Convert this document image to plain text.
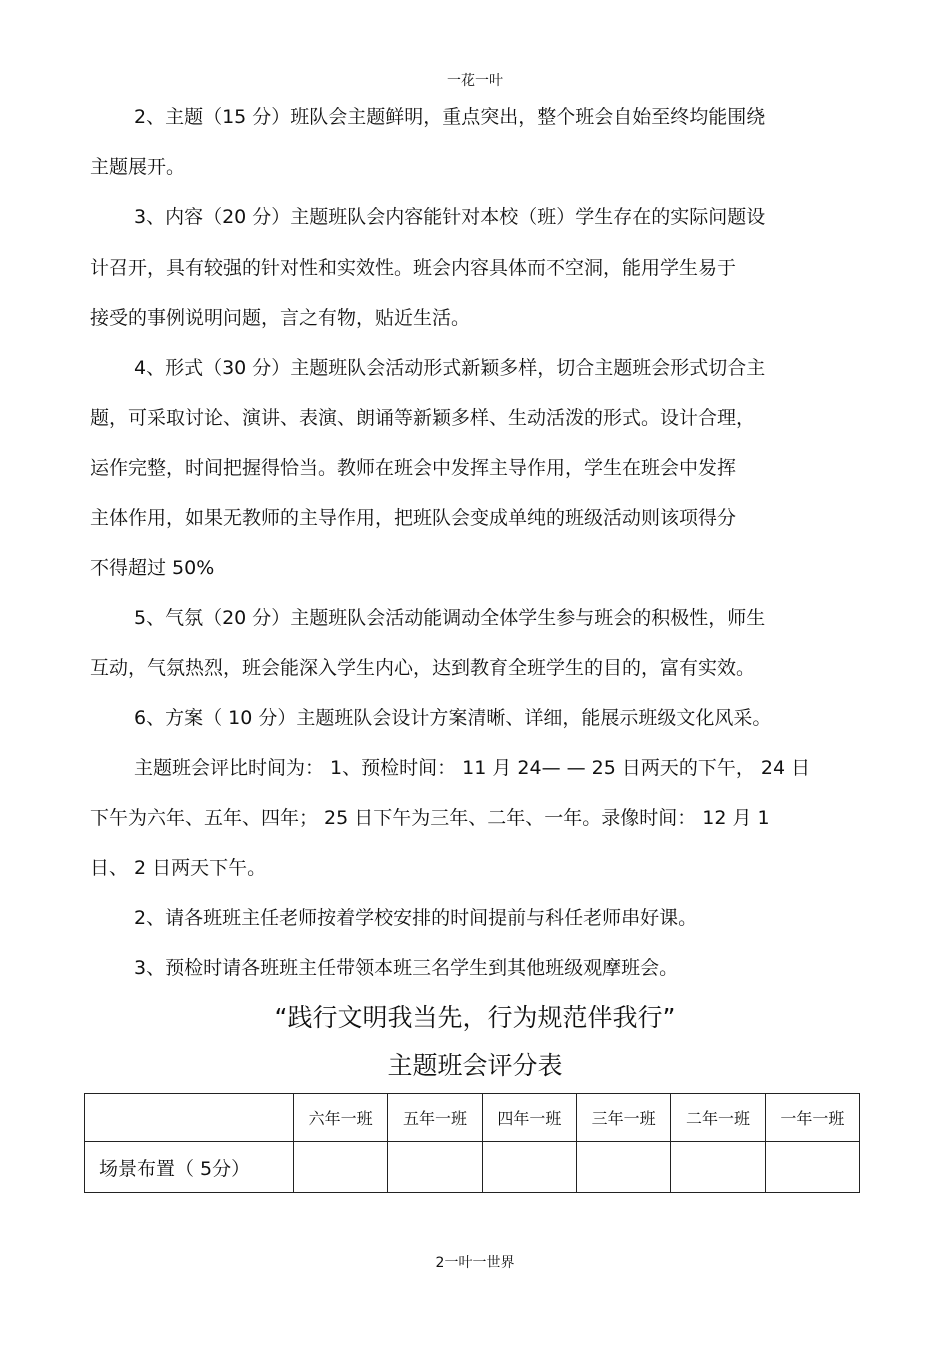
一花一叶
2、主题（15 分）班队会主题鲜明，重点突出，整个班会自始至终均能围绕
主题展开。
3、内容（20 分）主题班队会内容能针对本校（班）学生存在的实际问题设
计召开，具有较强的针对性和实效性。班会内容具体而不空洞，能用学生易于
接受的事例说明问题，言之有物，贴近生活。
4、形式（30 分）主题班队会活动形式新颖多样，切合主题班会形式切合主
题，可采取讨论、演讲、表演、朗诵等新颖多样、生动活泼的形式。设计合理，
运作完整，时间把握得恰当。教师在班会中发挥主导作用，学生在班会中发挥
主体作用，如果无教师的主导作用，把班队会变成单纯的班级活动则该项得分
不得超过 50%
5、气氛（20 分）主题班队会活动能调动全体学生参与班会的积极性，师生
互动，气氛热烈，班会能深入学生内心，达到教育全班学生的目的，富有实效。
6、方案（ 10 分）主题班队会设计方案清晰、详细，能展示班级文化风采。
主题班会评比时间为： 1、预检时间： 11 月 24— — 25 日两天的下午， 24 日
下午为六年、五年、四年； 25 日下午为三年、二年、一年。录像时间： 12 月 1
日、 2 日两天下午。
2、请各班班主任老师按着学校安排的时间提前与科任老师串好课。
3、预检时请各班班主任带领本班三名学生到其他班级观摩班会。
“践行文明我当先，行为规范伴我行”
主题班会评分表
	六年一班	五年一班	四年一班	三年一班	二年一班	一年一班
场景布置（ 5分）						
2一叶一世界
